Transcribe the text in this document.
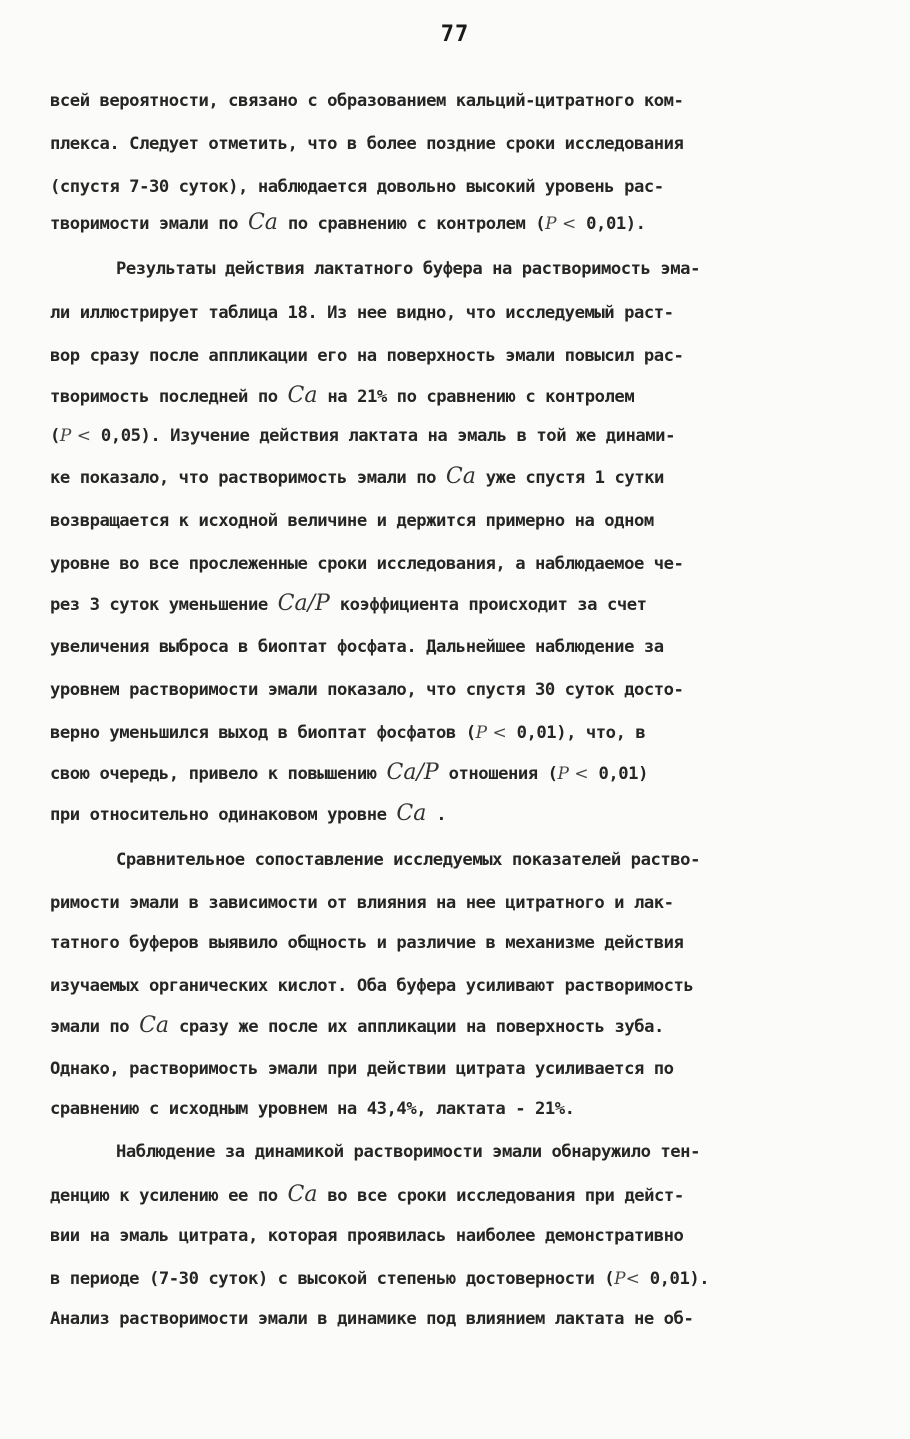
77
всей вероятности, связано с образованием кальций-цитратного ком-
плекса. Следует отметить, что в более поздние сроки исследования
(спустя 7-30 суток), наблюдается довольно высокий уровень рас-
творимости эмали по Ca по сравнению с контролем (P < 0,01).
Результаты действия лактатного буфера на растворимость эма-
ли иллюстрирует таблица 18. Из нее видно, что исследуемый раст-
вор сразу после аппликации его на поверхность эмали повысил рас-
творимость последней по Ca на 21% по сравнению с контролем
(P < 0,05). Изучение действия лактата на эмаль в той же динами-
ке показало, что растворимость эмали по Ca уже спустя 1 сутки
возвращается к исходной величине и держится примерно на одном
уровне во все прослеженные сроки исследования, а наблюдаемое че-
рез 3 суток уменьшение Ca/P коэффициента происходит за счет
увеличения выброса в биоптат фосфата. Дальнейшее наблюдение за
уровнем растворимости эмали показало, что спустя 30 суток досто-
верно уменьшился выход в биоптат фосфатов (P < 0,01), что, в
свою очередь, привело к повышению Ca/P отношения (P < 0,01)
при относительно одинаковом уровне Ca .
Сравнительное сопоставление исследуемых показателей раство-
римости эмали в зависимости от влияния на нее цитратного и лак-
татного буферов выявило общность и различие в механизме действия
изучаемых органических кислот. Оба буфера усиливают растворимость
эмали по Ca сразу же после их аппликации на поверхность зуба.
Однако, растворимость эмали при действии цитрата усиливается по
сравнению с исходным уровнем на 43,4%, лактата - 21%.
Наблюдение за динамикой растворимости эмали обнаружило тен-
денцию к усилению ее по Ca во все сроки исследования при дейст-
вии на эмаль цитрата, которая проявилась наиболее демонстративно
в периоде (7-30 суток) с высокой степенью достоверности (P< 0,01).
Анализ растворимости эмали в динамике под влиянием лактата не об-
